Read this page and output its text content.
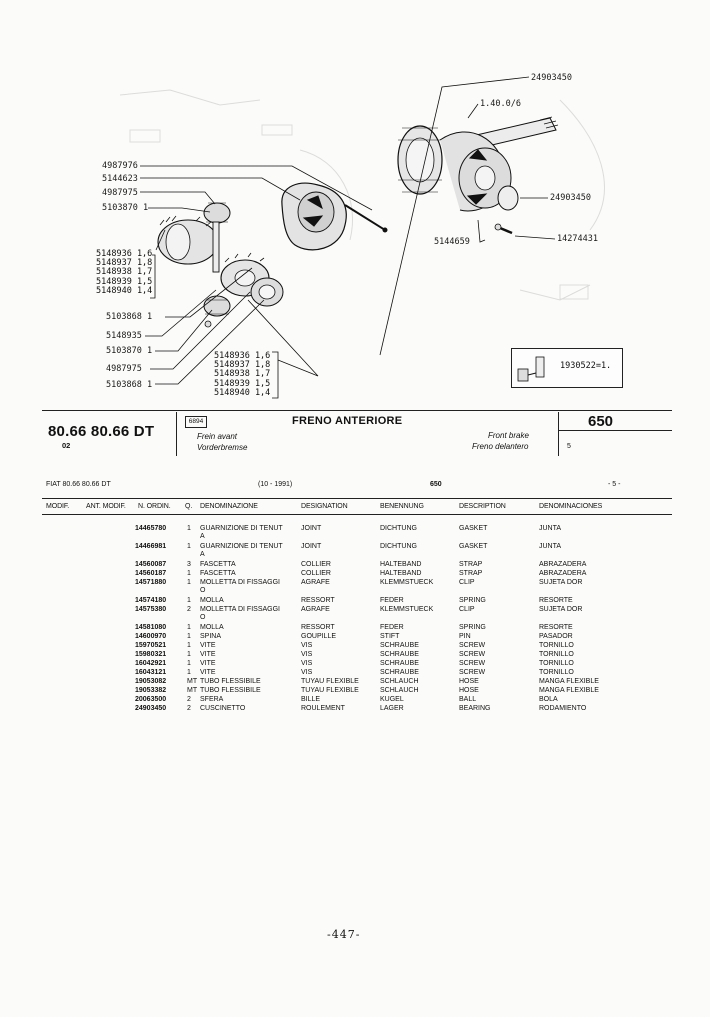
4987976
5144623
4987975
5103870 1
5148936 1,6
5148937 1,8
5148938 1,7
5148939 1,5
5148940 1,4
5103868 1
5148935
5103870 1
4987975
5103868 1
5148936 1,6
5148937 1,8
5148938 1,7
5148939 1,5
5148940 1,4
24903450
1.40.0/6
24903450
5144659	14274431
1930522=1.
80.66 80.66 DT
02
6894	FRENO ANTERIORE
Frein avant
Vorderbremse
Front brake
Freno delantero
650
5
FIAT 80.66 80.66 DT	(10 - 1991)	650	- 5 -
MODIF. ANT. MODIF. N. ORDIN. Q. DENOMINAZIONE	DESIGNATION	BENENNUNG	DESCRIPTION	DENOMINACIONES
14465780	1 GUARNIZIONE DI TENUT	JOINT	DICHTUNG	GASKET	JUNTA
A
14466981	1 GUARNIZIONE DI TENUT	JOINT	DICHTUNG	GASKET	JUNTA
A
14560087	3 FASCETTA	COLLIER	HALTEBAND	STRAP	ABRAZADERA
14560187	1 FASCETTA	COLLIER	HALTEBAND	STRAP	ABRAZADERA
14571880	1 MOLLETTA DI FISSAGGI	AGRAFE	KLEMMSTUECK	CLIP	SUJETA DOR
O
14574180	1 MOLLA	RESSORT	FEDER	SPRING	RESORTE
14575380	2 MOLLETTA DI FISSAGGI	AGRAFE	KLEMMSTUECK	CLIP	SUJETA DOR
O
14581080	1 MOLLA	RESSORT	FEDER	SPRING	RESORTE
14600970	1 SPINA	GOUPILLE	STIFT	PIN	PASADOR
15970521	1 VITE	VIS	SCHRAUBE	SCREW	TORNILLO
15980321	1 VITE	VIS	SCHRAUBE	SCREW	TORNILLO
16042921	1 VITE	VIS	SCHRAUBE	SCREW	TORNILLO
16043121	1 VITE	VIS	SCHRAUBE	SCREW	TORNILLO
19053082	MT TUBO FLESSIBILE	TUYAU FLEXIBLE	SCHLAUCH	HOSE	MANGA FLEXIBLE
19053382	MT TUBO FLESSIBILE	TUYAU FLEXIBLE	SCHLAUCH	HOSE	MANGA FLEXIBLE
20063500	2 SFERA	BILLE	KUGEL	BALL	BOLA
24903450	2 CUSCINETTO	ROULEMENT	LAGER	BEARING	RODAMIENTO
-447-
